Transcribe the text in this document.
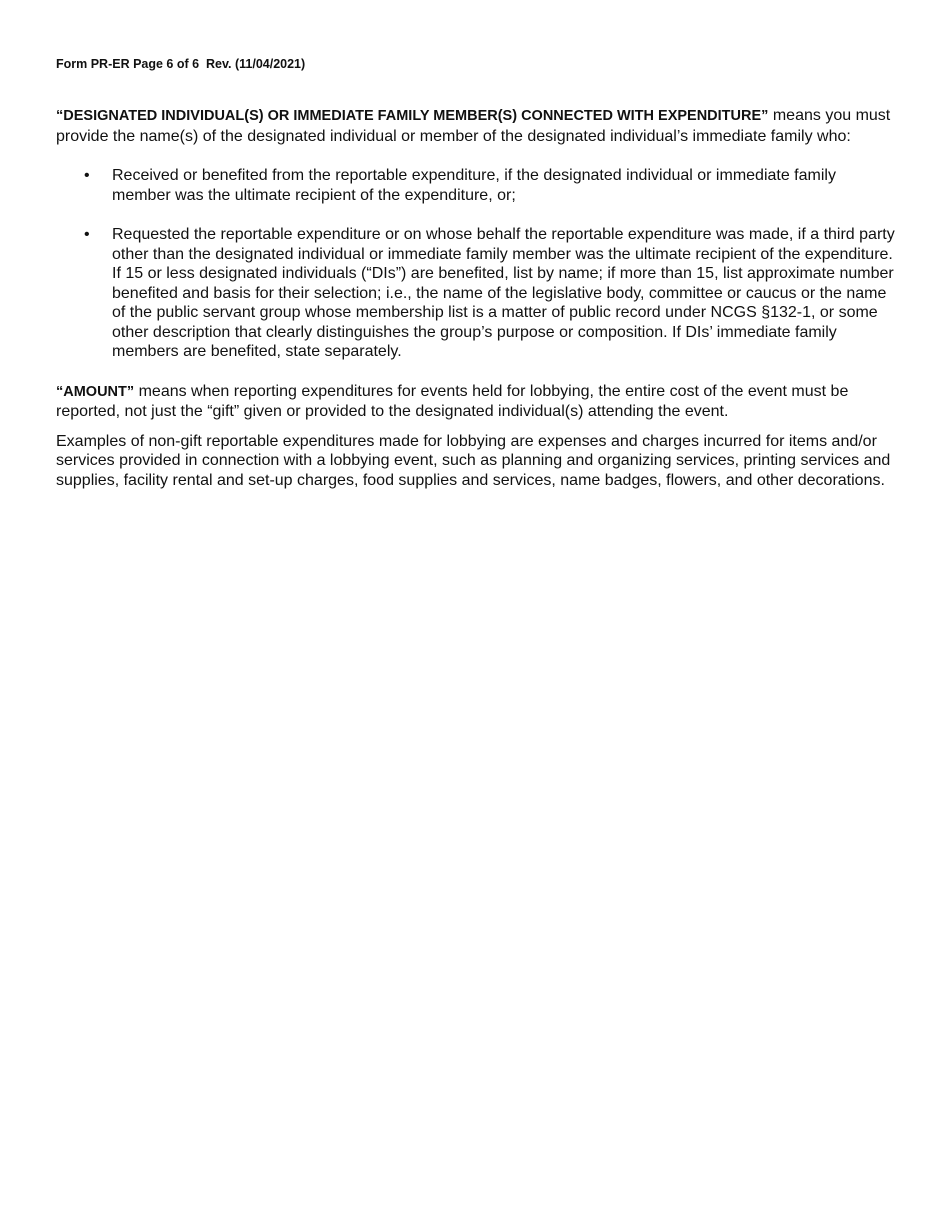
Form PR-ER Page 6 of 6  Rev. (11/04/2021)

“DESIGNATED INDIVIDUAL(S) OR IMMEDIATE FAMILY MEMBER(S) CONNECTED WITH EXPENDITURE” means you must provide the name(s) of the designated individual or member of the designated individual’s immediate family who:

• Received or benefited from the reportable expenditure, if the designated individual or immediate family member was the ultimate recipient of the expenditure, or;
• Requested the reportable expenditure or on whose behalf the reportable expenditure was made, if a third party other than the designated individual or immediate family member was the ultimate recipient of the expenditure. If 15 or less designated individuals (“DIs”) are benefited, list by name; if more than 15, list approximate number benefited and basis for their selection; i.e., the name of the legislative body, committee or caucus or the name of the public servant group whose membership list is a matter of public record under NCGS §132-1, or some other description that clearly distinguishes the group’s purpose or composition. If DIs’ immediate family members are benefited, state separately.

“AMOUNT” means when reporting expenditures for events held for lobbying, the entire cost of the event must be reported, not just the “gift” given or provided to the designated individual(s) attending the event.

Examples of non-gift reportable expenditures made for lobbying are expenses and charges incurred for items and/or services provided in connection with a lobbying event, such as planning and organizing services, printing services and supplies, facility rental and set-up charges, food supplies and services, name badges, flowers, and other decorations.
